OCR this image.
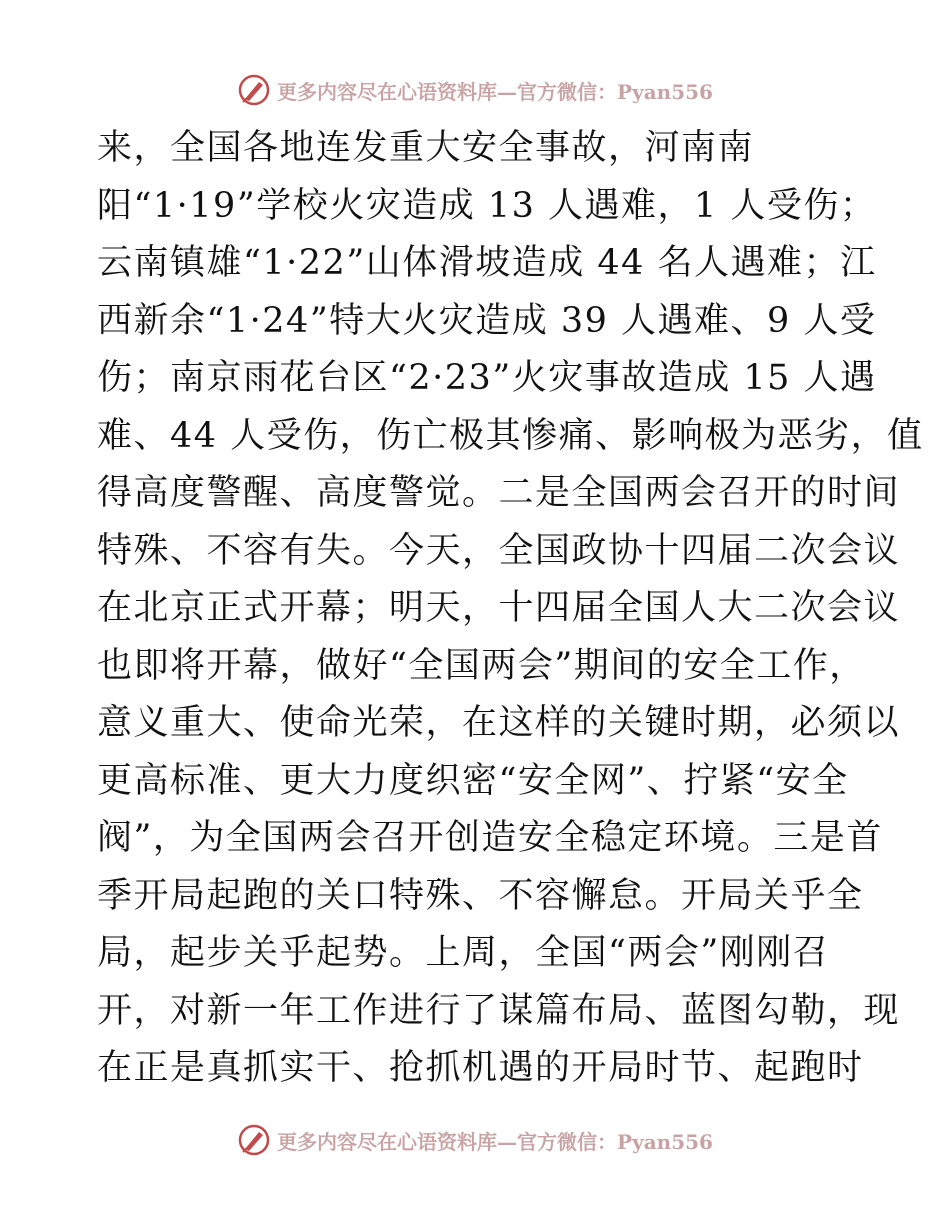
更多内容尽在心语资料库—官方微信：Pyan556
来，全国各地连发重大安全事故，河南南
阳“1·19”学校火灾造成 13 人遇难，1 人受伤；
云南镇雄“1·22”山体滑坡造成 44 名人遇难；江
西新余“1·24”特大火灾造成 39 人遇难、9 人受
伤；南京雨花台区“2·23”火灾事故造成 15 人遇
难、44 人受伤，伤亡极其惨痛、影响极为恶劣，值
得高度警醒、高度警觉。二是全国两会召开的时间
特殊、不容有失。今天，全国政协十四届二次会议
在北京正式开幕；明天，十四届全国人大二次会议
也即将开幕，做好“全国两会”期间的安全工作，
意义重大、使命光荣，在这样的关键时期，必须以
更高标准、更大力度织密“安全网”、拧紧“安全
阀”，为全国两会召开创造安全稳定环境。三是首
季开局起跑的关口特殊、不容懈怠。开局关乎全
局，起步关乎起势。上周，全国“两会”刚刚召
开，对新一年工作进行了谋篇布局、蓝图勾勒，现
在正是真抓实干、抢抓机遇的开局时节、起跑时
更多内容尽在心语资料库—官方微信：Pyan556
